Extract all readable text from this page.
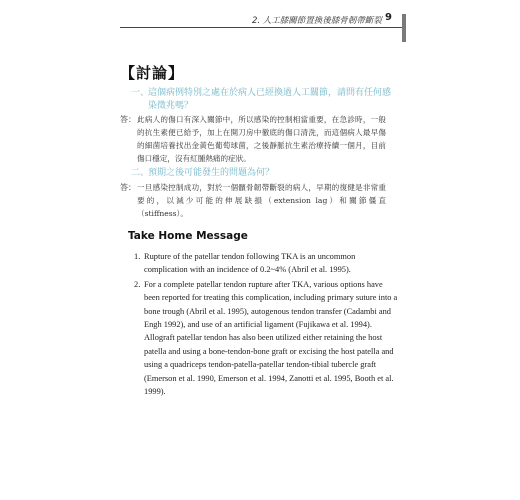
2. 人工膝關節置換後膝骨韌帶斷裂 9
【討論】
一、
這個病例特別之處在於病人已經換過人工關節，請問有任何感染徵兆嗎？
答： 此病人的傷口有深入關節中，所以感染的控制相當重要，在急診時，一般的抗生素便已給予，加上在開刀房中徹底的傷口清洗，而這個病人最早傷的細菌培養找出金黃色葡萄球菌，之後靜脈抗生素治療持續一個月，目前傷口穩定，沒有紅腫熱痛的症狀。
二、
預期之後可能發生的問題為何？
答： 一旦感染控制成功，對於一個髕骨韌帶斷裂的病人，早期的復健是非常重要的，以減少可能的伸展缺損（extension lag）和關節僵直（stiffness）。
Take Home Message
1. Rupture of the patellar tendon following TKA is an uncommon complication with an incidence of 0.2~4% (Abril et al. 1995).
2. For a complete patellar tendon rupture after TKA, various options have been reported for treating this complication, including primary suture into a bone trough (Abril et al. 1995), autogenous tendon transfer (Cadambi and Engh 1992), and use of an artificial ligament (Fujikawa et al. 1994). Allograft patellar tendon has also been utilized either retaining the host patella and using a bone-tendon-bone graft or excising the host patella and using a quadriceps tendon-patella-patellar tendon-tibial tubercle graft (Emerson et al. 1990, Emerson et al. 1994, Zanotti et al. 1995, Booth et al. 1999).
